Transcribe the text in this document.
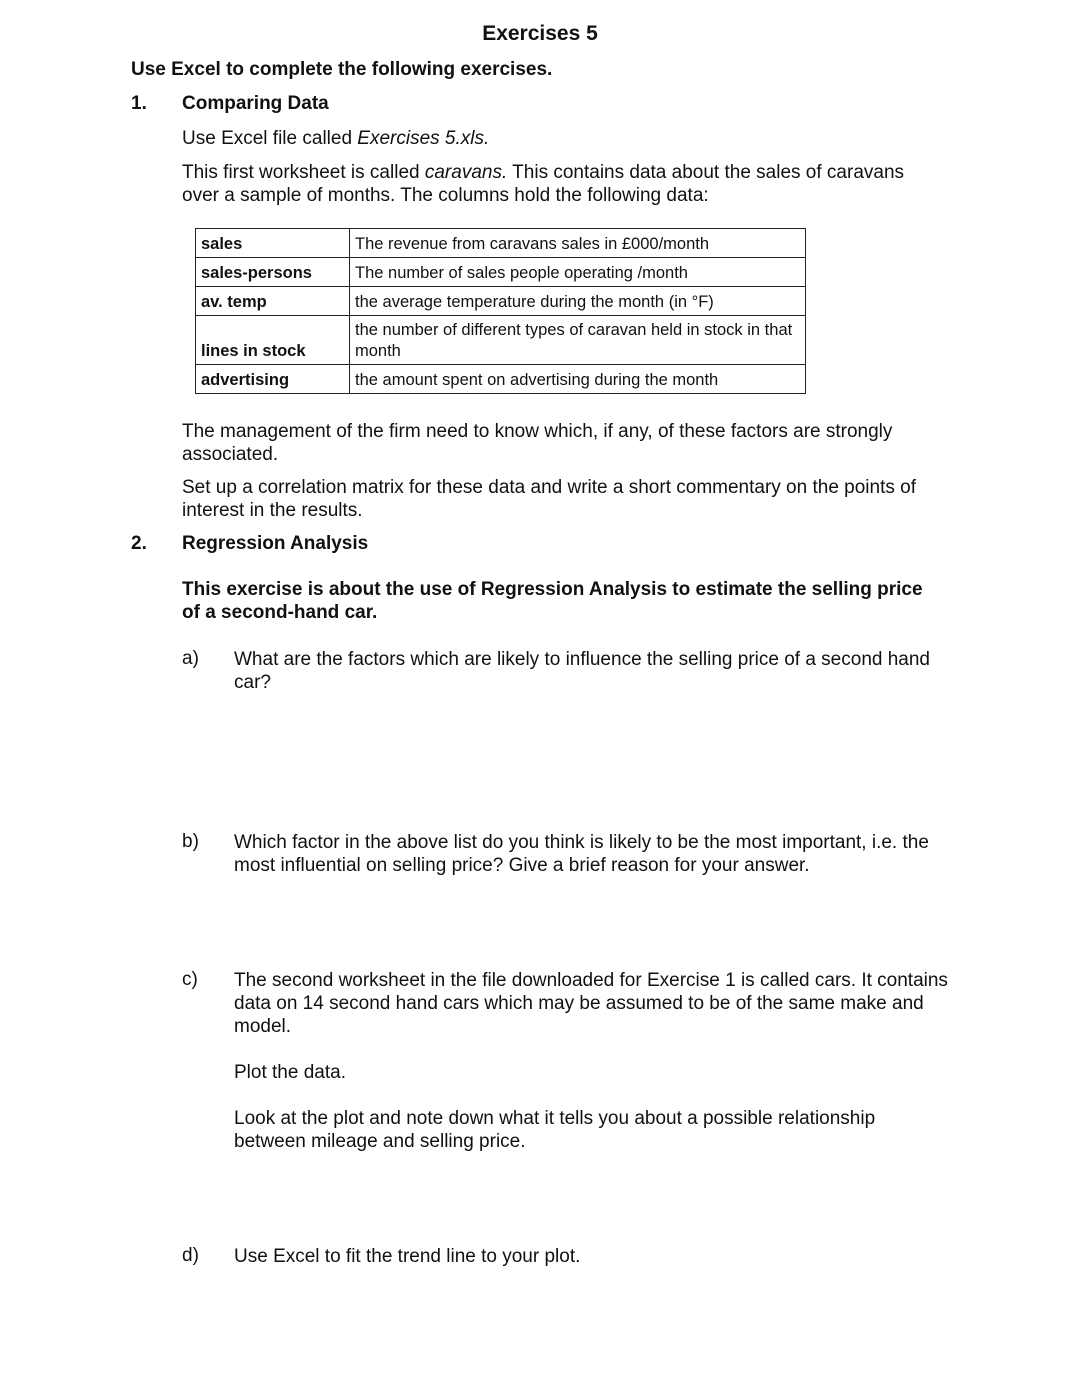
Exercises 5
Use Excel to complete the following exercises.
1. Comparing Data
Use Excel file called Exercises 5.xls.
This first worksheet is called caravans. This contains data about the sales of caravans
over a sample of months. The columns hold the following data:
sales	The revenue from caravans sales in £000/month
sales-persons	The number of sales people operating /month
av. temp	the average temperature during the month (in °F)
lines in stock	the number of different types of caravan held in stock in that month
advertising	the amount spent on advertising during the month
The management of the firm need to know which, if any, of these factors are strongly associated.
Set up a correlation matrix for these data and write a short commentary on the points of interest in the results.
2. Regression Analysis
This exercise is about the use of Regression Analysis to estimate the selling price of a second-hand car.
a) What are the factors which are likely to influence the selling price of a second hand car?
b) Which factor in the above list do you think is likely to be the most important, i.e. the most influential on selling price? Give a brief reason for your answer.
c) The second worksheet in the file downloaded for Exercise 1 is called cars. It contains data on 14 second hand cars which may be assumed to be of the same make and model.
Plot the data.
Look at the plot and note down what it tells you about a possible relationship between mileage and selling price.
d) Use Excel to fit the trend line to your plot.
